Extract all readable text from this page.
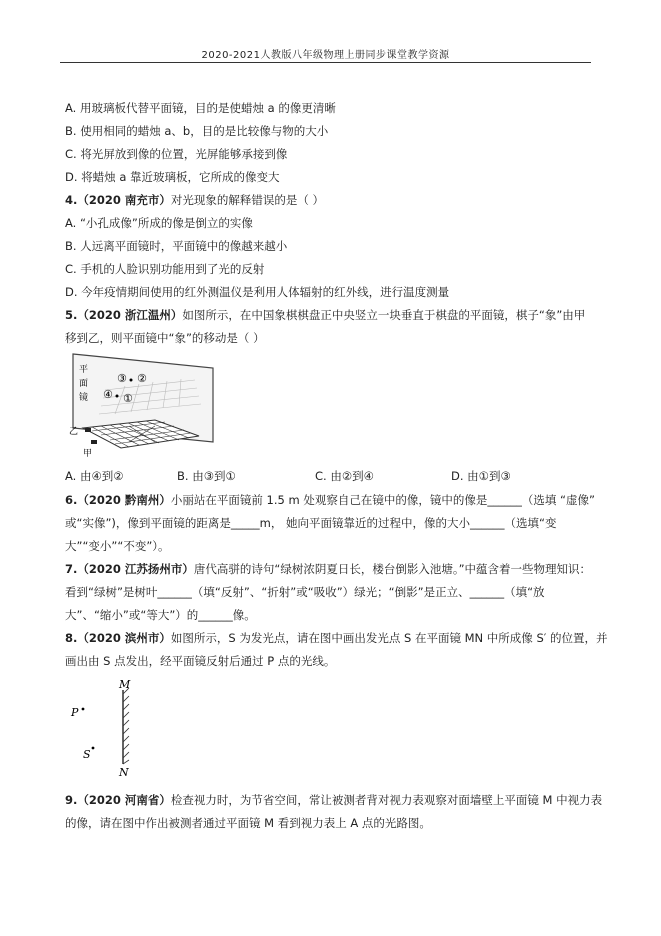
2020-2021人教版八年级物理上册同步课堂教学资源
A. 用玻璃板代替平面镜，目的是使蜡烛 a 的像更清晰
B. 使用相同的蜡烛 a、b，目的是比较像与物的大小
C. 将光屏放到像的位置，光屏能够承接到像
D. 将蜡烛 a 靠近玻璃板，它所成的像变大
4.（2020 南充市）对光现象的解释错误的是（ ）
A. “小孔成像”所成的像是倒立的实像
B. 人远离平面镜时，平面镜中的像越来越小
C. 手机的人脸识别功能用到了光的反射
D. 今年疫情期间使用的红外测温仪是利用人体辐射的红外线，进行温度测量
5.（2020 浙江温州）如图所示，在中国象棋棋盘正中央竖立一块垂直于棋盘的平面镜，棋子“象”由甲
移到乙，则平面镜中“象”的移动是（ ）
平
面
镜
③ ②
④ ①
乙
甲
A. 由④到②	B. 由③到①	C. 由②到④	D. 由①到③
6.（2020 黔南州）小丽站在平面镜前 1.5 m 处观察自己在镜中的像，镜中的像是______（选填 “虚像”
或“实像”)，像到平面镜的距离是_____m， 她向平面镜靠近的过程中，像的大小______（选填“变
大”“变小”“不变”）。
7.（2020 江苏扬州市）唐代高骈的诗句“绿树浓阴夏日长，楼台倒影入池塘。”中蕴含着一些物理知识：
看到“绿树”是树叶______（填“反射”、“折射”或“吸收”）绿光；“倒影”是正立、______（填“放
大”、“缩小”或“等大”）的______像。
8.（2020 滨州市）如图所示，S 为发光点，请在图中画出发光点 S 在平面镜 MN 中所成像 S′ 的位置，并
画出由 S 点发出，经平面镜反射后通过 P 点的光线。
M
N
P
S
9.（2020 河南省）检查视力时，为节省空间，常让被测者背对视力表观察对面墙壁上平面镜 M 中视力表
的像，请在图中作出被测者通过平面镜 M 看到视力表上 A 点的光路图。
